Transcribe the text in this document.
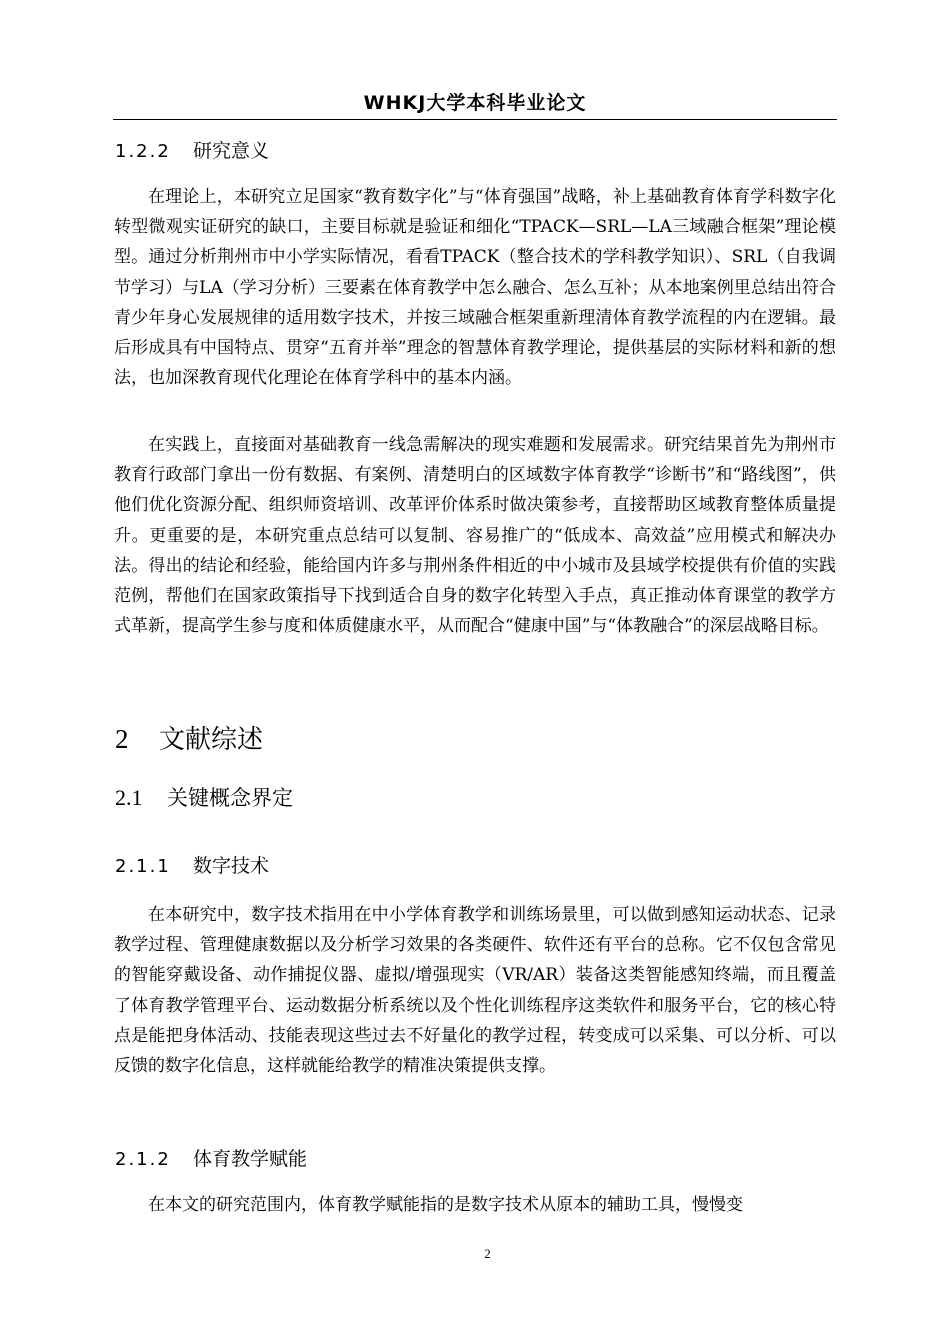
WHKJ大学本科毕业论文
1.2.2 研究意义

在理论上，本研究立足国家“教育数字化”与“体育强国”战略，补上基础教育体育学科数字化转型微观实证研究的缺口，主要目标就是验证和细化“TPACK—SRL—LA三域融合框架”理论模型。通过分析荆州市中小学实际情况，看看TPACK（整合技术的学科教学知识）、SRL（自我调节学习）与LA（学习分析）三要素在体育教学中怎么融合、怎么互补；从本地案例里总结出符合青少年身心发展规律的适用数字技术，并按三域融合框架重新理清体育教学流程的内在逻辑。最后形成具有中国特点、贯穿“五育并举”理念的智慧体育教学理论，提供基层的实际材料和新的想法，也加深教育现代化理论在体育学科中的基本内涵。

在实践上，直接面对基础教育一线急需解决的现实难题和发展需求。研究结果首先为荆州市教育行政部门拿出一份有数据、有案例、清楚明白的区域数字体育教学“诊断书”和“路线图”，供他们优化资源分配、组织师资培训、改革评价体系时做决策参考，直接帮助区域教育整体质量提升。更重要的是，本研究重点总结可以复制、容易推广的“低成本、高效益”应用模式和解决办法。得出的结论和经验，能给国内许多与荆州条件相近的中小城市及县域学校提供有价值的实践范例，帮他们在国家政策指导下找到适合自身的数字化转型入手点，真正推动体育课堂的教学方式革新，提高学生参与度和体质健康水平，从而配合“健康中国”与“体教融合”的深层战略目标。

2 文献综述
2.1 关键概念界定
2.1.1 数字技术

在本研究中，数字技术指用在中小学体育教学和训练场景里，可以做到感知运动状态、记录教学过程、管理健康数据以及分析学习效果的各类硬件、软件还有平台的总称。它不仅包含常见的智能穿戴设备、动作捕捉仪器、虚拟/增强现实（VR/AR）装备这类智能感知终端，而且覆盖了体育教学管理平台、运动数据分析系统以及个性化训练程序这类软件和服务平台，它的核心特点是能把身体活动、技能表现这些过去不好量化的教学过程，转变成可以采集、可以分析、可以反馈的数字化信息，这样就能给教学的精准决策提供支撑。

2.1.2 体育教学赋能

在本文的研究范围内，体育教学赋能指的是数字技术从原本的辅助工具，慢慢变

2
